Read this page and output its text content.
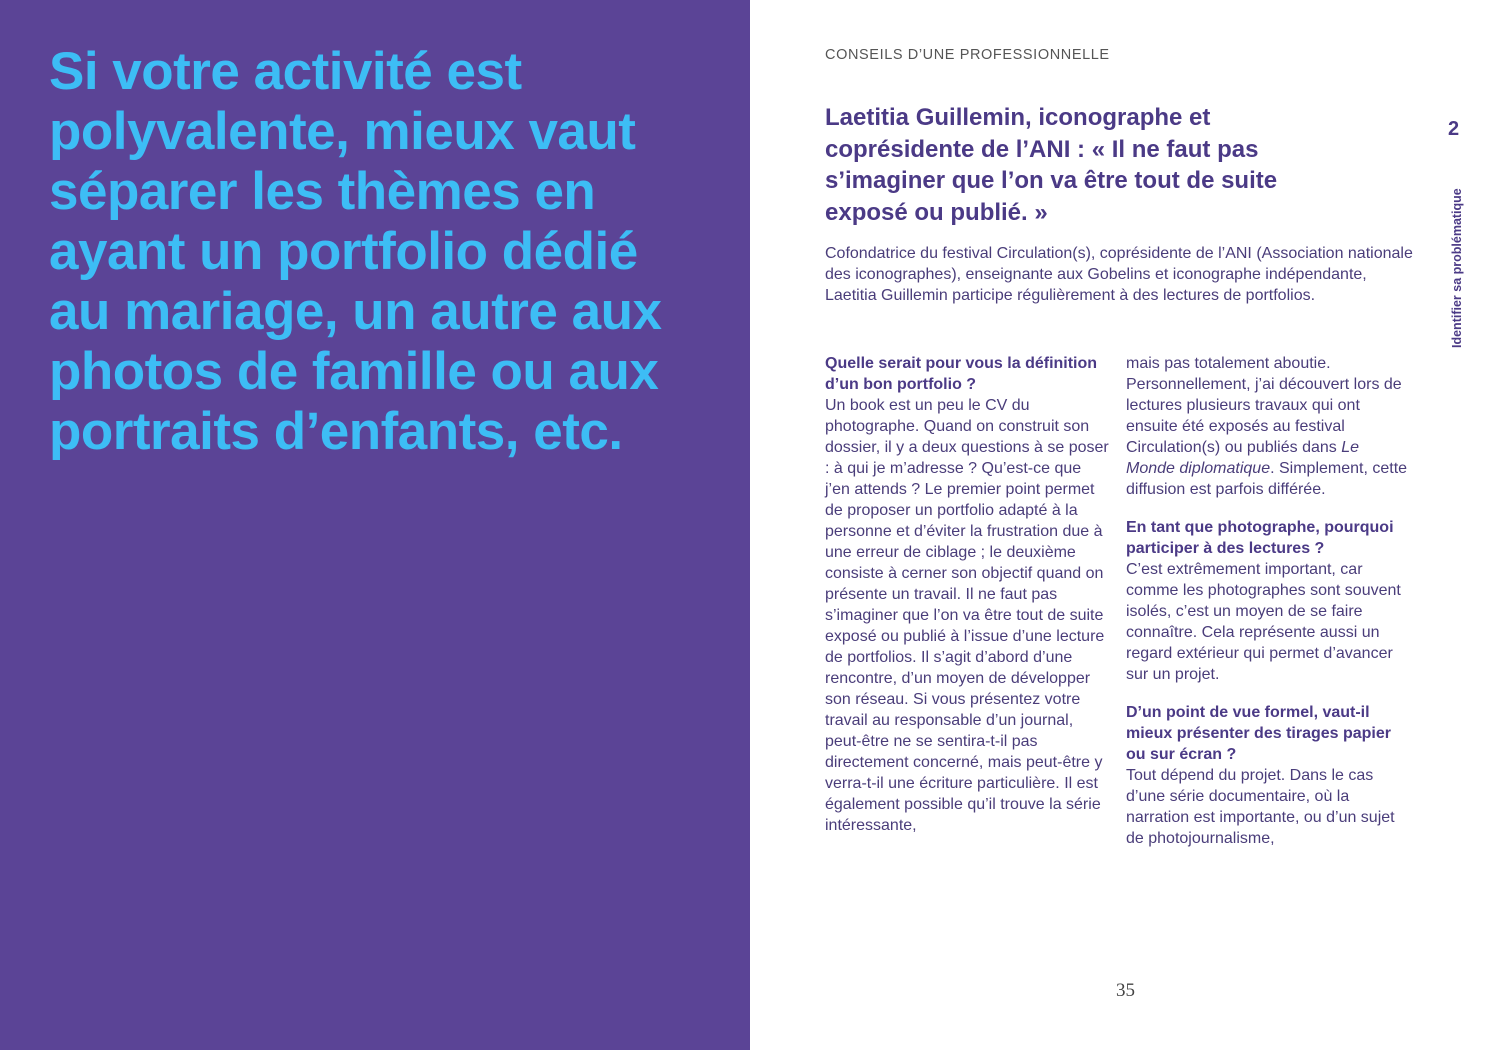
Si votre activité est polyvalente, mieux vaut séparer les thèmes en ayant un portfolio dédié au mariage, un autre aux photos de famille ou aux portraits d’enfants, etc.

CONSEILS D’UNE PROFESSIONNELLE

Laetitia Guillemin, iconographe et coprésidente de l’ANI : « Il ne faut pas s’imaginer que l’on va être tout de suite exposé ou publié. »

Cofondatrice du festival Circulation(s), coprésidente de l’ANI (Association nationale des iconographes), enseignante aux Gobelins et iconographe indépendante, Laetitia Guillemin participe régulièrement à des lectures de portfolios.

Quelle serait pour vous la définition d’un bon portfolio ?

Un book est un peu le CV du photographe. Quand on construit son dossier, il y a deux questions à se poser : à qui je m’adresse ? Qu’est-ce que j’en attends ? Le premier point permet de proposer un portfolio adapté à la personne et d’éviter la frustration due à une erreur de ciblage ; le deuxième consiste à cerner son objectif quand on présente un travail. Il ne faut pas s’imaginer que l’on va être tout de suite exposé ou publié à l’issue d’une lecture de portfolios. Il s’agit d’abord d’une rencontre, d’un moyen de développer son réseau. Si vous présentez votre travail au responsable d’un journal, peut-être ne se sentira-t-il pas directement concerné, mais peut-être y verra-t-il une écriture particulière. Il est également possible qu’il trouve la série intéressante,

mais pas totalement aboutie. Personnellement, j’ai découvert lors de lectures plusieurs travaux qui ont ensuite été exposés au festival Circulation(s) ou publiés dans Le Monde diplomatique. Simplement, cette diffusion est parfois différée.

En tant que photographe, pourquoi participer à des lectures ?

C’est extrêmement important, car comme les photographes sont souvent isolés, c’est un moyen de se faire connaître. Cela représente aussi un regard extérieur qui permet d’avancer sur un projet.

D’un point de vue formel, vaut-il mieux présenter des tirages papier ou sur écran ?

Tout dépend du projet. Dans le cas d’une série documentaire, où la narration est importante, ou d’un sujet de photojournalisme,

2
Identifier sa problématique
35
